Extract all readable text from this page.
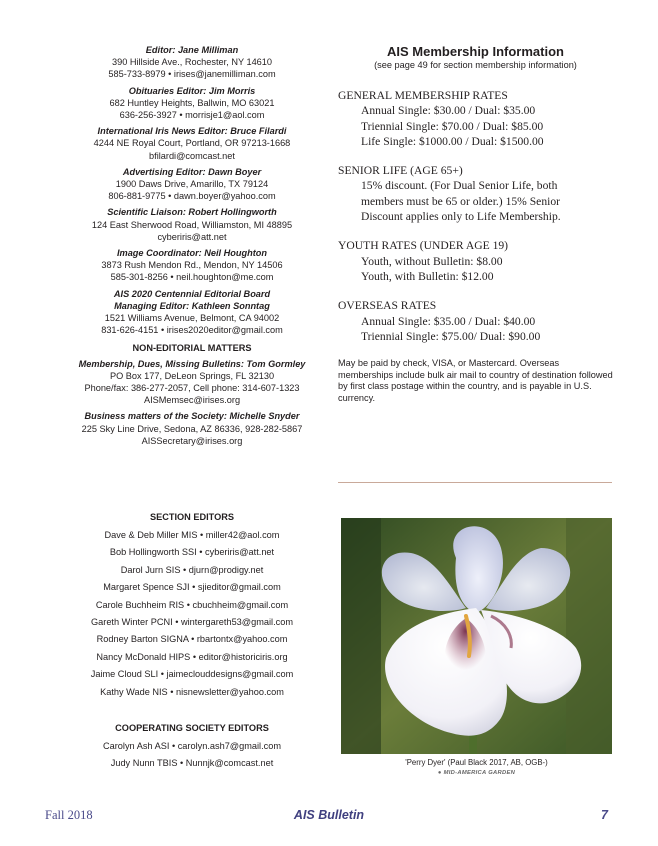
Editor: Jane Milliman
390 Hillside Ave., Rochester, NY 14610
585-733-8979 • irises@janemilliman.com
Obituaries Editor: Jim Morris
682 Huntley Heights, Ballwin, MO 63021
636-256-3927 • morrisje1@aol.com
International Iris News Editor: Bruce Filardi
4244 NE Royal Court, Portland, OR 97213-1668
bfilardi@comcast.net
Advertising Editor: Dawn Boyer
1900 Daws Drive, Amarillo, TX 79124
806-881-9775 • dawn.boyer@yahoo.com
Scientific Liaison: Robert Hollingworth
124 East Sherwood Road, Williamston, MI 48895
cyberiris@att.net
Image Coordinator: Neil Houghton
3873 Rush Mendon Rd., Mendon, NY 14506
585-301-8256 • neil.houghton@me.com
AIS 2020 Centennial Editorial Board
Managing Editor: Kathleen Sonntag
1521 Williams Avenue, Belmont, CA 94002
831-626-4151 • irises2020editor@gmail.com
NON-EDITORIAL MATTERS
Membership, Dues, Missing Bulletins: Tom Gormley
PO Box 177, DeLeon Springs, FL 32130
Phone/fax: 386-277-2057, Cell phone: 314-607-1323
AISMemsec@irises.org
Business matters of the Society: Michelle Snyder
225 Sky Line Drive, Sedona, AZ 86336, 928-282-5867
AISSecretary@irises.org
SECTION EDITORS
Dave & Deb Miller MIS • miller42@aol.com
Bob Hollingworth SSI • cyberiris@att.net
Darol Jurn SIS • djurn@prodigy.net
Margaret Spence SJI • sjieditor@gmail.com
Carole Buchheim RIS • cbuchheim@gmail.com
Gareth Winter PCNI • wintergareth53@gmail.com
Rodney Barton SIGNA • rbartontx@yahoo.com
Nancy McDonald HIPS • editor@historiciris.org
Jaime Cloud SLI • jaimeclouddesigns@gmail.com
Kathy Wade NIS • nisnewsletter@yahoo.com
COOPERATING SOCIETY EDITORS
Carolyn Ash ASI • carolyn.ash7@gmail.com
Judy Nunn TBIS • Nunnjk@comcast.net
AIS Membership Information
(see page 49 for section membership information)
GENERAL MEMBERSHIP RATES
Annual Single: $30.00 / Dual: $35.00
Triennial Single: $70.00 / Dual: $85.00
Life Single: $1000.00 / Dual: $1500.00
SENIOR LIFE (AGE 65+)
15% discount. (For Dual Senior Life, both
members must be 65 or older.) 15% Senior
Discount applies only to Life Membership.
YOUTH RATES (UNDER AGE 19)
Youth, without Bulletin: $8.00
Youth, with Bulletin: $12.00
OVERSEAS RATES
Annual Single: $35.00 / Dual: $40.00
Triennial Single: $75.00/ Dual: $90.00
May be paid by check, VISA, or Mastercard. Overseas memberships include bulk air mail to country of destination followed by first class postage within the country, and is payable in U.S. currency.
'Perry Dyer' (Paul Black 2017, AB, OGB-)
● MID-AMERICA GARDEN
Fall 2018	AIS Bulletin	7
